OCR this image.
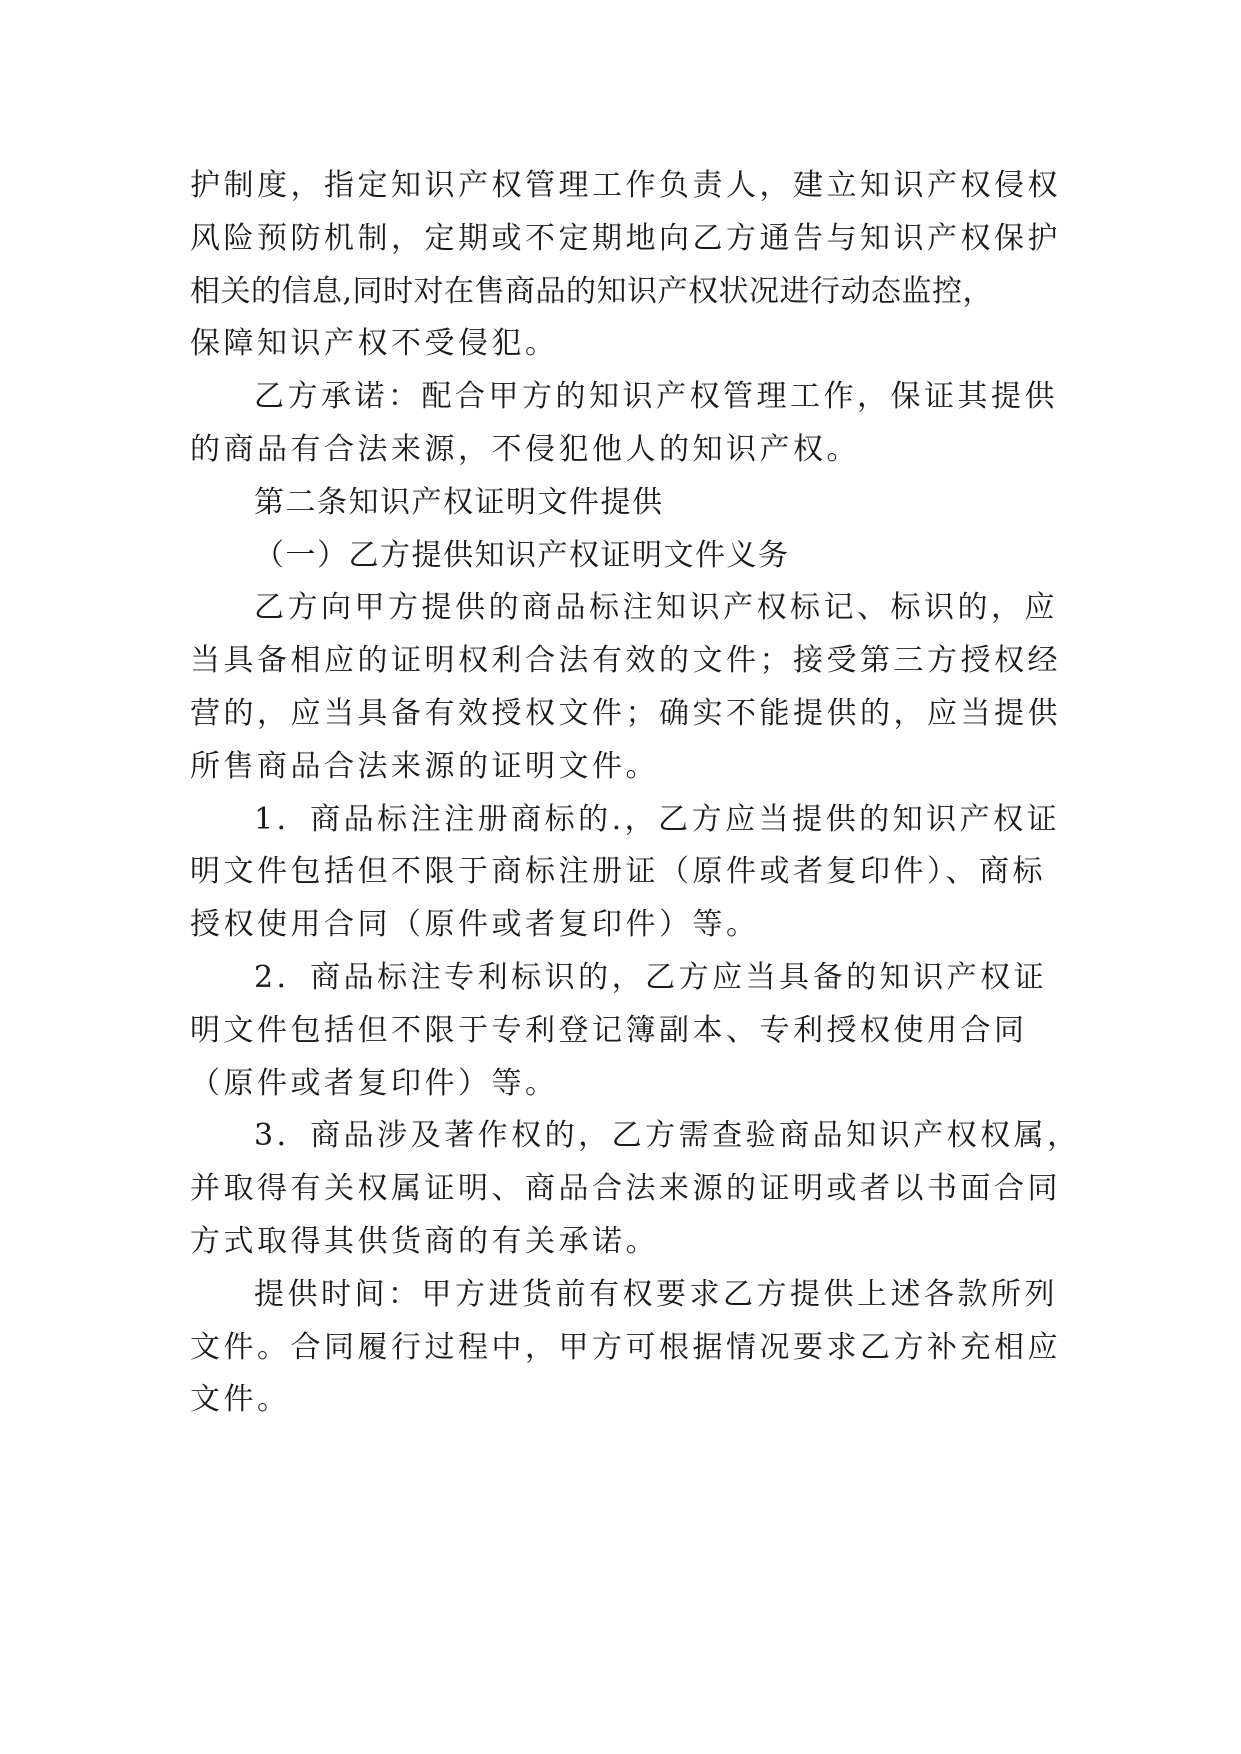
护制度，指定知识产权管理工作负责人，建立知识产权侵权
风险预防机制，定期或不定期地向乙方通告与知识产权保护
相关的信息,同时对在售商品的知识产权状况进行动态监控，
保障知识产权不受侵犯。
乙方承诺：配合甲方的知识产权管理工作，保证其提供
的商品有合法来源，不侵犯他人的知识产权。
第二条知识产权证明文件提供
（一）乙方提供知识产权证明文件义务
乙方向甲方提供的商品标注知识产权标记、标识的，应
当具备相应的证明权利合法有效的文件；接受第三方授权经
营的，应当具备有效授权文件；确实不能提供的，应当提供
所售商品合法来源的证明文件。
1．商品标注注册商标的.，乙方应当提供的知识产权证
明文件包括但不限于商标注册证（原件或者复印件）、商标
授权使用合同（原件或者复印件）等。
2．商品标注专利标识的，乙方应当具备的知识产权证
明文件包括但不限于专利登记簿副本、专利授权使用合同
（原件或者复印件）等。
3．商品涉及著作权的，乙方需查验商品知识产权权属，
并取得有关权属证明、商品合法来源的证明或者以书面合同
方式取得其供货商的有关承诺。
提供时间：甲方进货前有权要求乙方提供上述各款所列
文件。合同履行过程中，甲方可根据情况要求乙方补充相应
文件。
